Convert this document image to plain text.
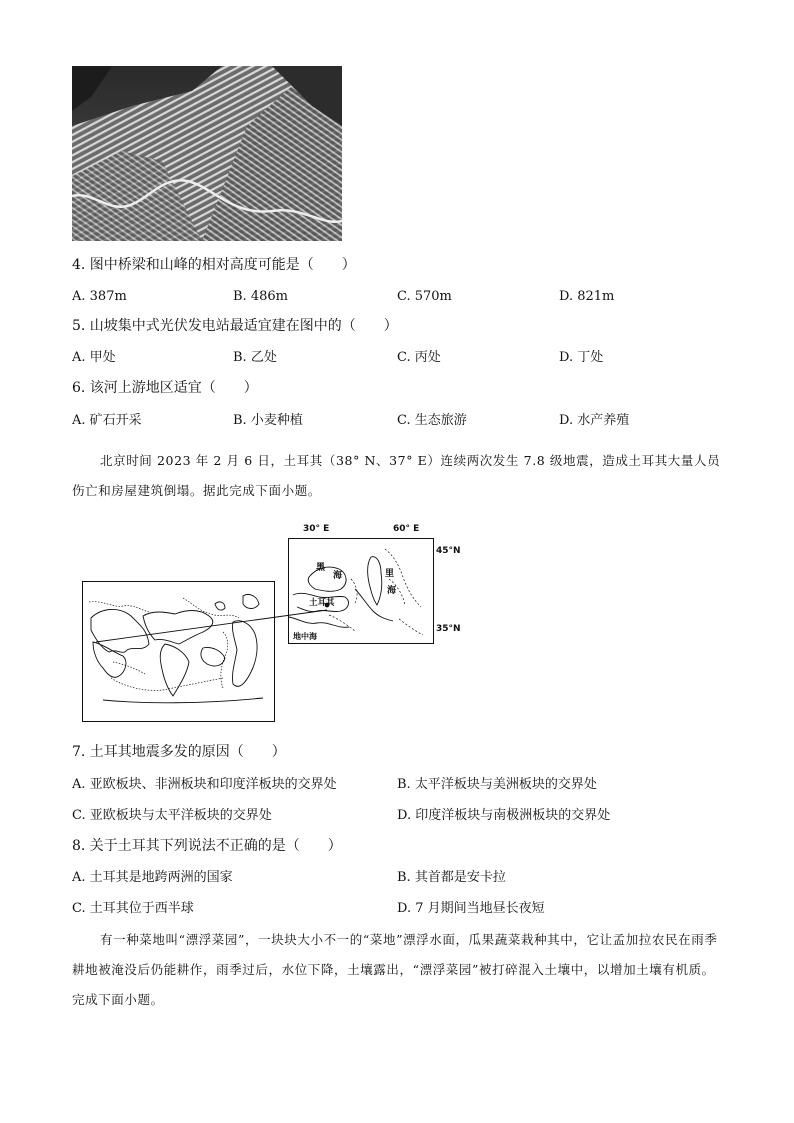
4. 图中桥梁和山峰的相对高度可能是（　　）
A. 387m	B. 486m	C. 570m	D. 821m
5. 山坡集中式光伏发电站最适宜建在图中的（　　）
A. 甲处	B. 乙处	C. 丙处	D. 丁处
6. 该河上游地区适宜（　　）
A. 矿石开采	B. 小麦种植	C. 生态旅游	D. 水产养殖
北京时间 2023 年 2 月 6 日，土耳其（38° N、37° E）连续两次发生 7.8 级地震，造成土耳其大量人员伤亡和房屋建筑倒塌。据此完成下面小题。
30° E	60° E
45°N
35°N
黑
海	里
海
土耳其
地中海
7. 土耳其地震多发的原因（　　）
A. 亚欧板块、非洲板块和印度洋板块的交界处	B. 太平洋板块与美洲板块的交界处
C. 亚欧板块与太平洋板块的交界处	D. 印度洋板块与南极洲板块的交界处
8. 关于土耳其下列说法不正确的是（　　）
A. 土耳其是地跨两洲的国家	B. 其首都是安卡拉
C. 土耳其位于西半球	D. 7 月期间当地昼长夜短
有一种菜地叫“漂浮菜园”，一块块大小不一的“菜地”漂浮水面，瓜果蔬菜栽种其中，它让孟加拉农民在雨季耕地被淹没后仍能耕作，雨季过后，水位下降，土壤露出，“漂浮菜园”被打碎混入土壤中，以增加土壤有机质。完成下面小题。
